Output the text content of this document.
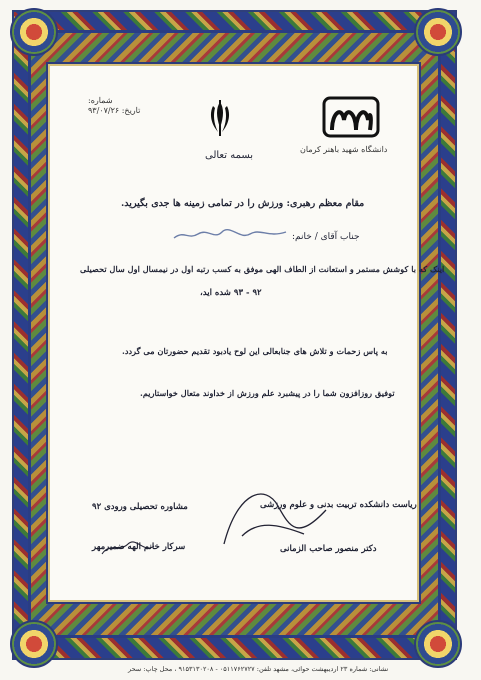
شماره:
تاریخ: ۹۳/۰۷/۲۶
بسمه تعالی
دانشگاه شهید باهنر کرمان
مقام معظم رهبری: ورزش را در تمامی زمینه ها جدی بگیرید.
جناب آقای / خانم:
اینک که با کوشش مستمر و استعانت از الطاف الهی موفق به کسب رتبه اول در نیمسال اول سال تحصیلی
۹۲ - ۹۳ شده اید،
به پاس زحمات و تلاش های جنابعالی این لوح یادبود تقدیم حضورتان می گردد.
توفیق روزافزون شما را در پیشبرد علم ورزش از خداوند متعال خواستاریم.
ریاست دانشکده تربیت بدنی و علوم ورزشی
دکتر منصور صاحب الزمانی
مشاوره تحصیلی ورودی ۹۲
سرکار خانم الهه ضمیرمهر
نشانی: شماره ۲۳ اردیبهشت حوائی، مشهد تلفن: ۰۵۱۱۷۶۲۷۲۷ - ۹۱۵۳۱۳۰۲۰۸ ، محل چاپ: سحر
